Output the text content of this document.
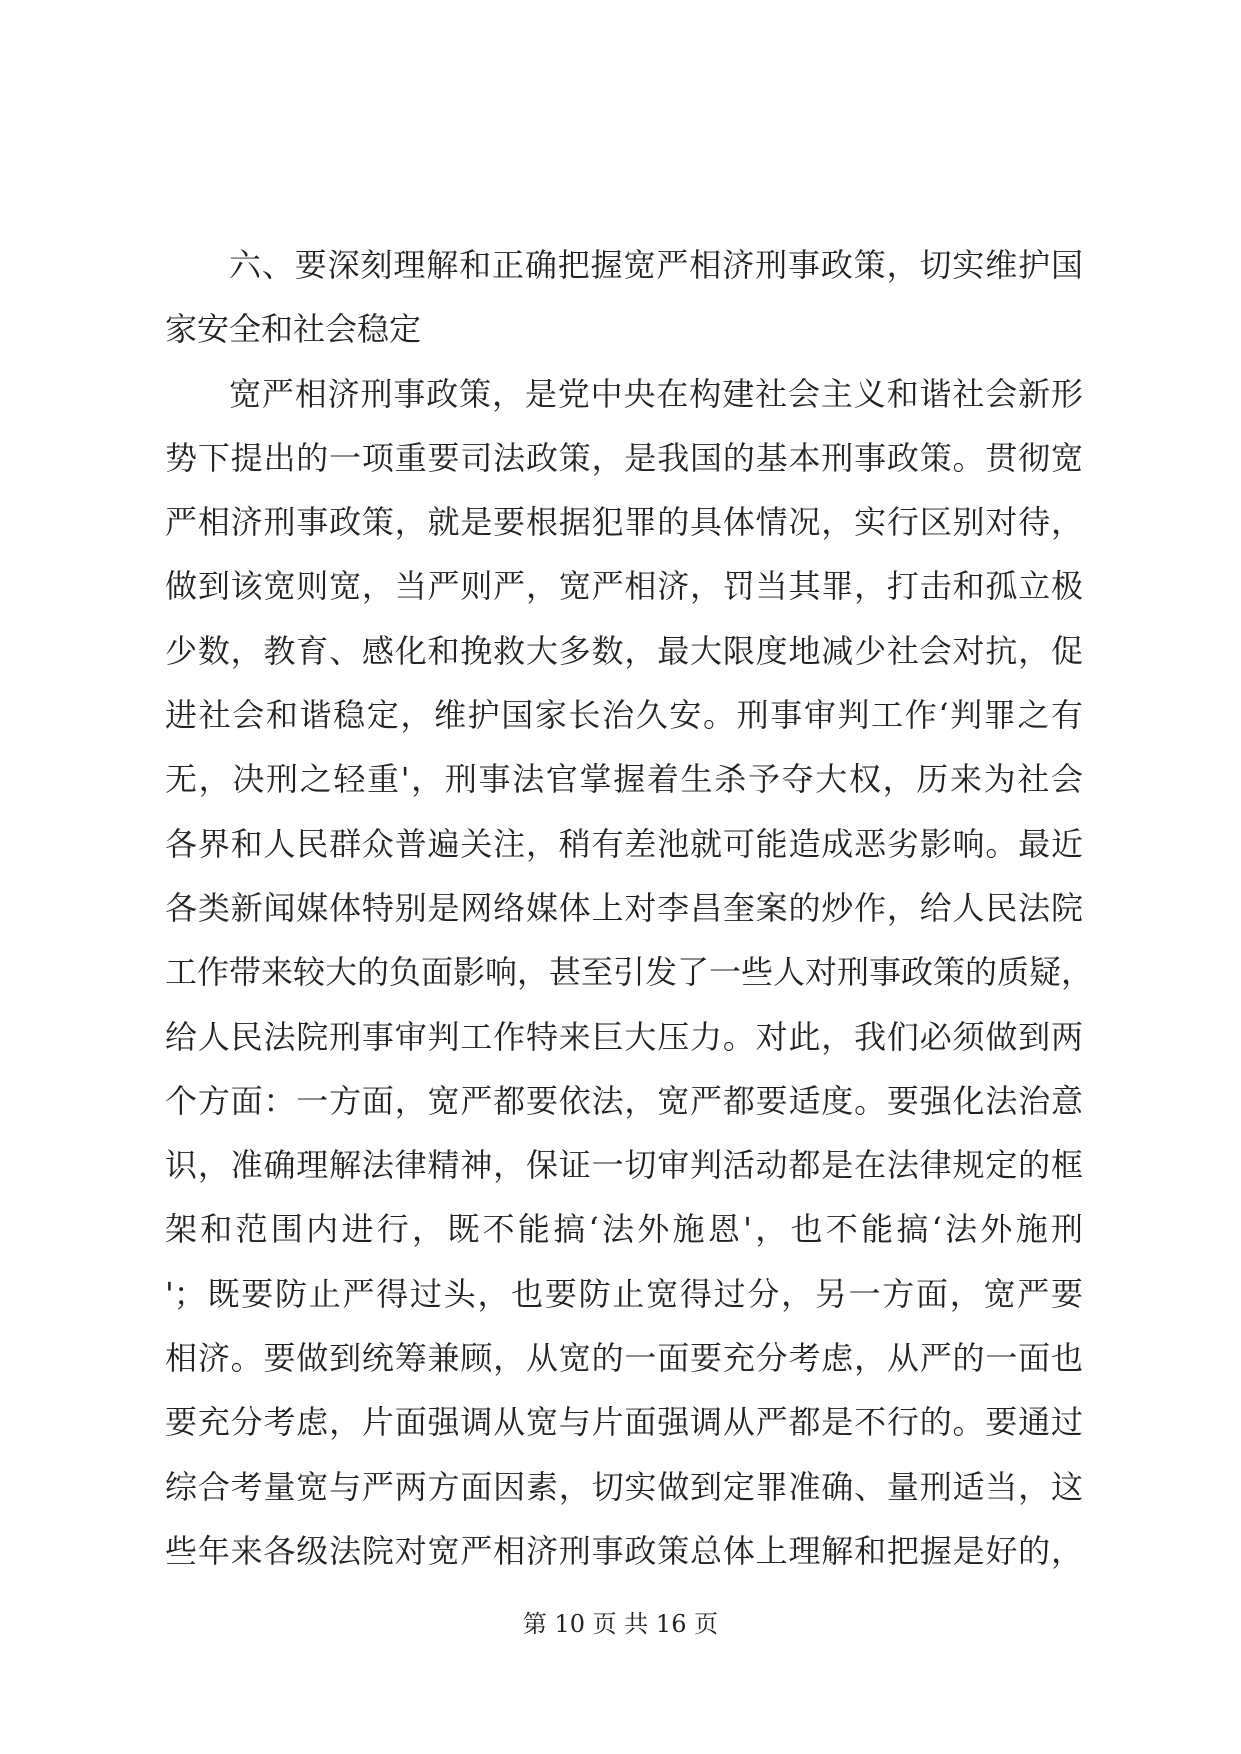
六、要深刻理解和正确把握宽严相济刑事政策，切实维护国
家安全和社会稳定
宽严相济刑事政策，是党中央在构建社会主义和谐社会新形
势下提出的一项重要司法政策，是我国的基本刑事政策。贯彻宽
严相济刑事政策，就是要根据犯罪的具体情况，实行区别对待，
做到该宽则宽，当严则严，宽严相济，罚当其罪，打击和孤立极
少数，教育、感化和挽救大多数，最大限度地减少社会对抗，促
进社会和谐稳定，维护国家长治久安。刑事审判工作‘判罪之有
无，决刑之轻重'，刑事法官掌握着生杀予夺大权，历来为社会
各界和人民群众普遍关注，稍有差池就可能造成恶劣影响。最近
各类新闻媒体特别是网络媒体上对李昌奎案的炒作，给人民法院
工作带来较大的负面影响，甚至引发了一些人对刑事政策的质疑，
给人民法院刑事审判工作特来巨大压力。对此，我们必须做到两
个方面：一方面，宽严都要依法，宽严都要适度。要强化法治意
识，准确理解法律精神，保证一切审判活动都是在法律规定的框
架和范围内进行，既不能搞‘法外施恩'，也不能搞‘法外施刑
'；既要防止严得过头，也要防止宽得过分，另一方面，宽严要
相济。要做到统筹兼顾，从宽的一面要充分考虑，从严的一面也
要充分考虑，片面强调从宽与片面强调从严都是不行的。要通过
综合考量宽与严两方面因素，切实做到定罪准确、量刑适当，这
些年来各级法院对宽严相济刑事政策总体上理解和把握是好的，
第 10 页 共 16 页
